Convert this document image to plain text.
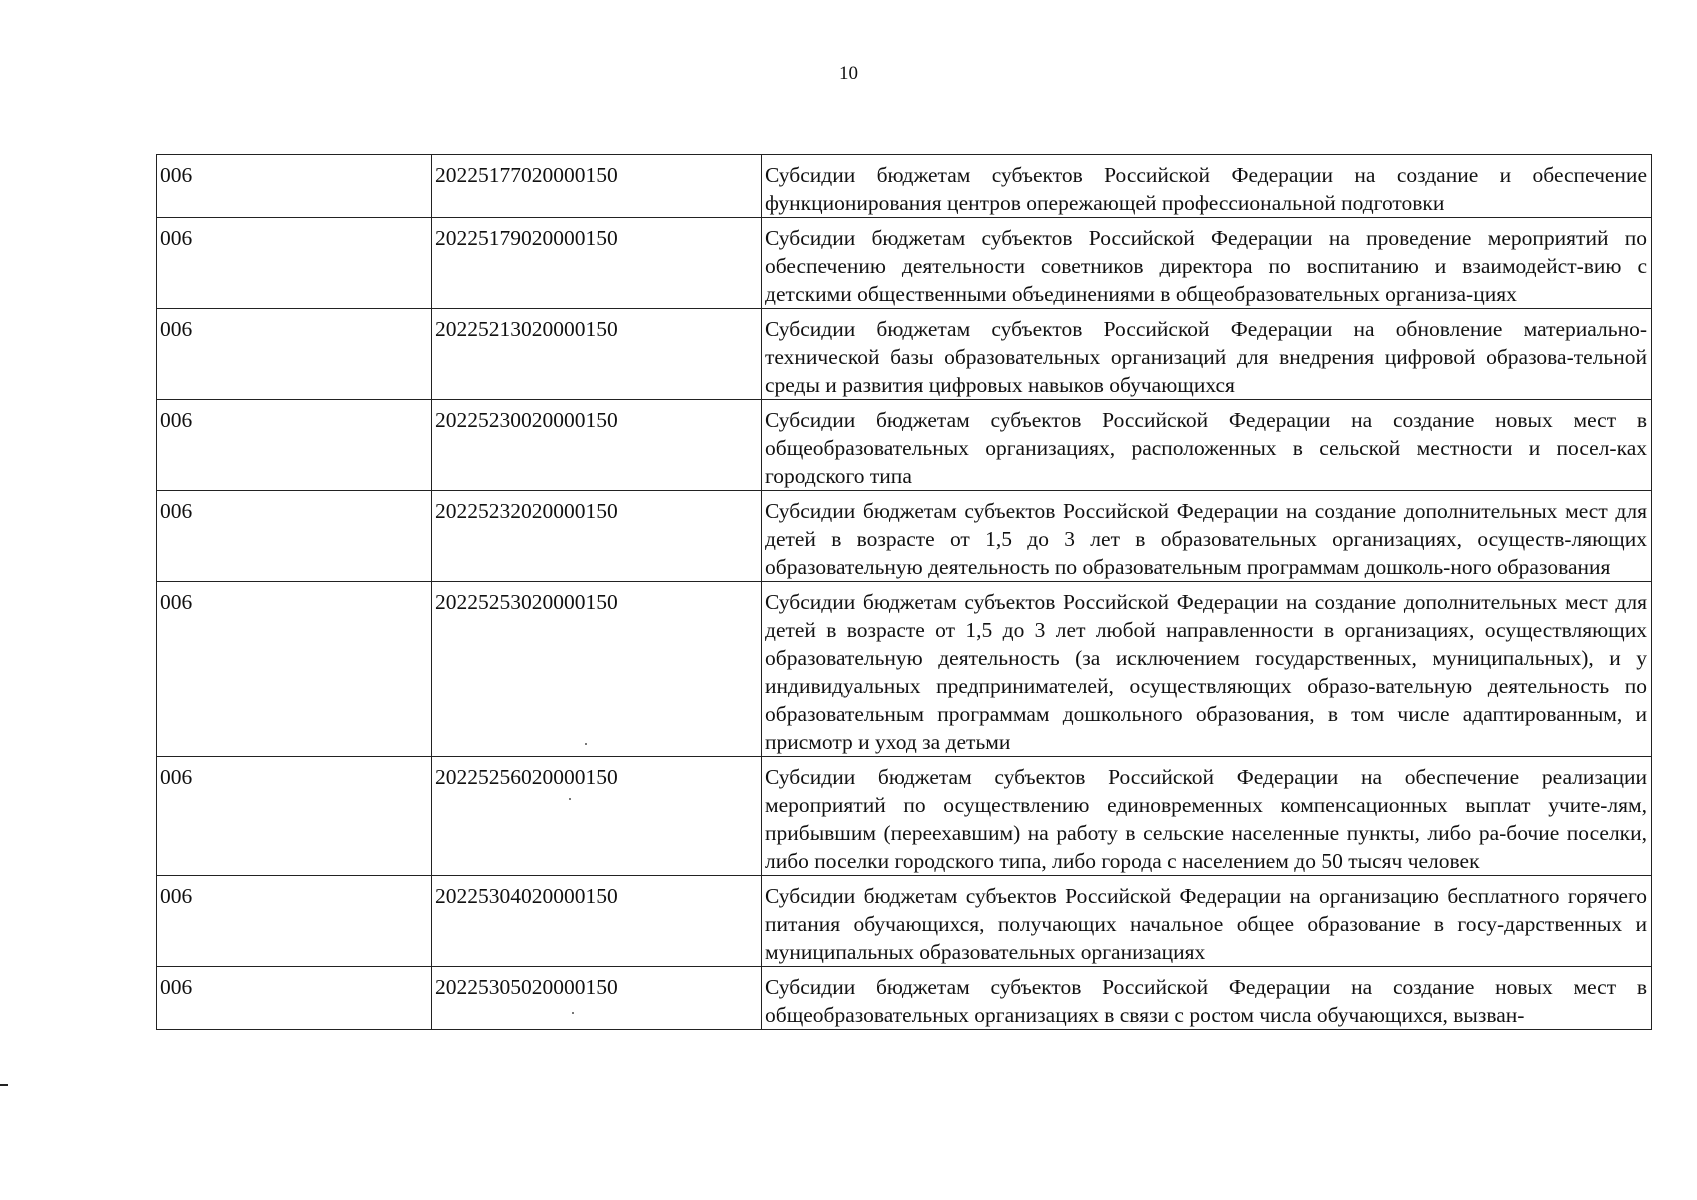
10
006	20225177020000150	Субсидии бюджетам субъектов Российской Федерации на создание и обеспечение функционирования центров опережающей профессиональной подготовки
006	20225179020000150	Субсидии бюджетам субъектов Российской Федерации на проведение мероприятий по обеспечению деятельности советников директора по воспитанию и взаимодейст-вию с детскими общественными объединениями в общеобразовательных организа-циях
006	20225213020000150	Субсидии бюджетам субъектов Российской Федерации на обновление материально-технической базы образовательных организаций для внедрения цифровой образова-тельной среды и развития цифровых навыков обучающихся
006	20225230020000150	Субсидии бюджетам субъектов Российской Федерации на создание новых мест в общеобразовательных организациях, расположенных в сельской местности и посел-ках городского типа
006	20225232020000150	Субсидии бюджетам субъектов Российской Федерации на создание дополнительных мест для детей в возрасте от 1,5 до 3 лет в образовательных организациях, осуществ-ляющих образовательную деятельность по образовательным программам дошколь-ного образования
006	20225253020000150	Субсидии бюджетам субъектов Российской Федерации на создание дополнительных мест для детей в возрасте от 1,5 до 3 лет любой направленности в организациях, осуществляющих образовательную деятельность (за исключением государственных, муниципальных), и у индивидуальных предпринимателей, осуществляющих образо-вательную деятельность по образовательным программам дошкольного образования, в том числе адаптированным, и присмотр и уход за детьми
006	20225256020000150	Субсидии бюджетам субъектов Российской Федерации на обеспечение реализации мероприятий по осуществлению единовременных компенсационных выплат учите-лям, прибывшим (переехавшим) на работу в сельские населенные пункты, либо ра-бочие поселки, либо поселки городского типа, либо города с населением до 50 тысяч человек
006	20225304020000150	Субсидии бюджетам субъектов Российской Федерации на организацию бесплатного горячего питания обучающихся, получающих начальное общее образование в госу-дарственных и муниципальных образовательных организациях
006	20225305020000150	Субсидии бюджетам субъектов Российской Федерации на создание новых мест в общеобразовательных организациях в связи с ростом числа обучающихся, вызван-
